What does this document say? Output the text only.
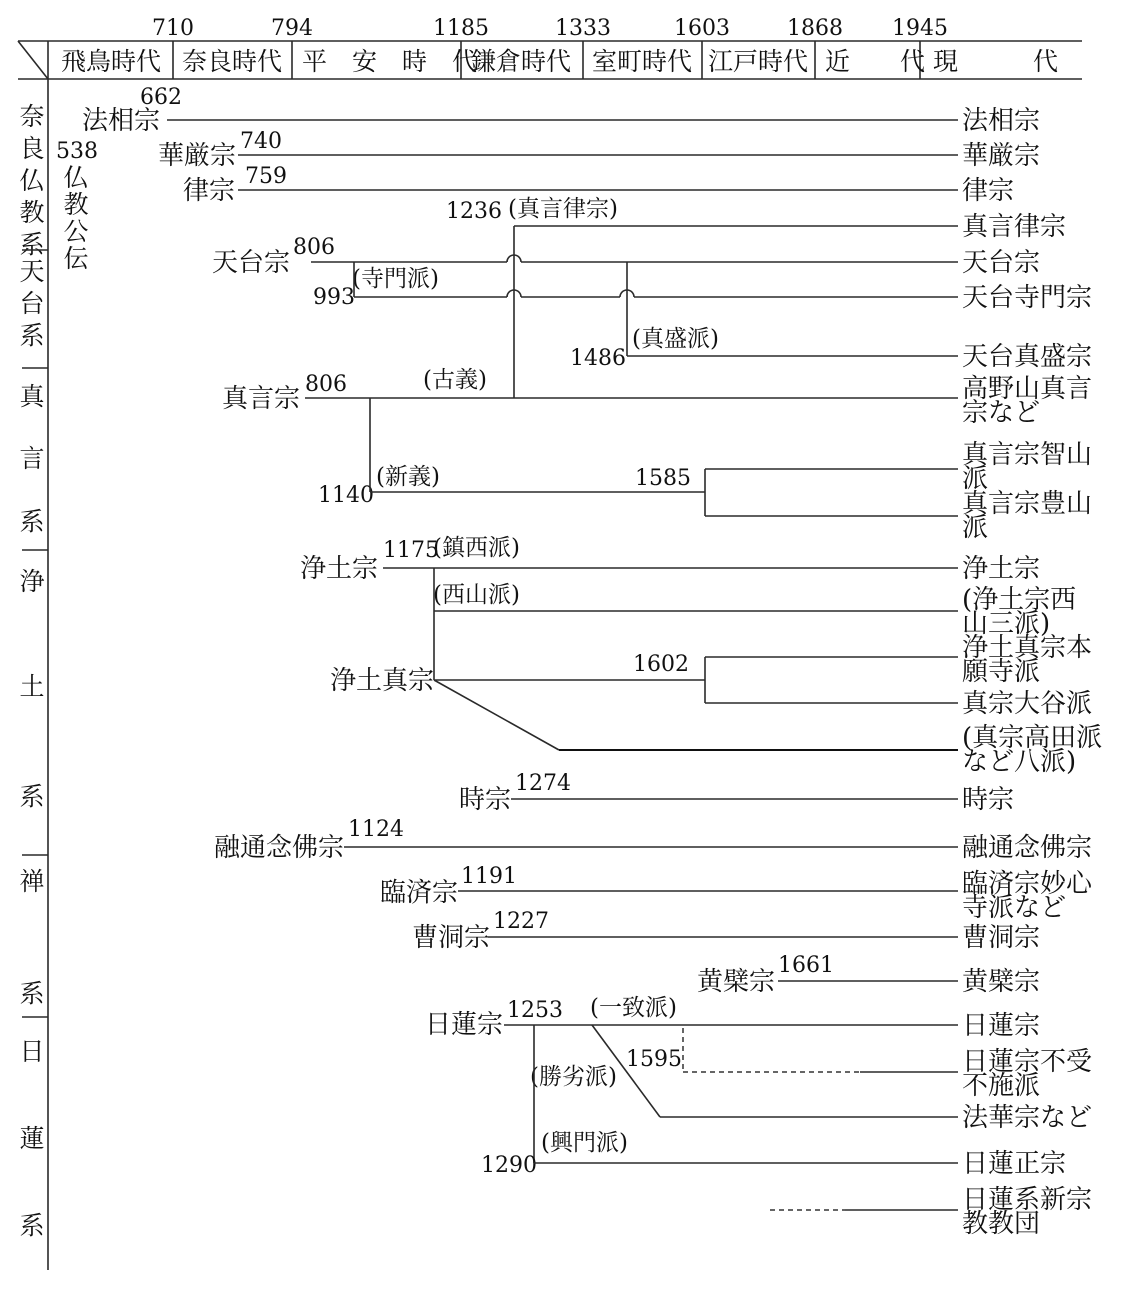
710	794	1185	1333	1603	1868 1945
飛鳥時代 奈良時代 平　安　時　代
鎌倉時代 室町時代 江戸時代 近　　代 現　　　代
奈
良
仏
教
系
天
台
系
真
言
系
浄
土
系
禅
系
日
蓮
系
538
仏
教
公
伝
662
法相宗
740
華厳宗
759
律宗
806
天台宗
993
(寺門派)
1486
(真盛派)
806
真言宗
(古義)
1236 (真言律宗)
1140
(新義)	1585
1175
(鎮西派)
浄土宗
(西山派)
浄土真宗
1602
1274
時宗
1124
融通念佛宗
1191
臨済宗
1227
曹洞宗
1661
黄檗宗
1253
日蓮宗
(一致派)
1595
(勝劣派)
(興門派)
1290
法相宗
華厳宗
律宗
真言律宗
天台宗
天台寺門宗
天台真盛宗
高野山真言
宗など
真言宗智山
派
真言宗豊山
派
浄土宗
(浄土宗西
山三派)
浄土真宗本
願寺派
真宗大谷派
(真宗高田派
など八派)
時宗
融通念佛宗
臨済宗妙心
寺派など
曹洞宗
黄檗宗
日蓮宗
日蓮宗不受
不施派
法華宗など
日蓮正宗
日蓮系新宗
教教団
